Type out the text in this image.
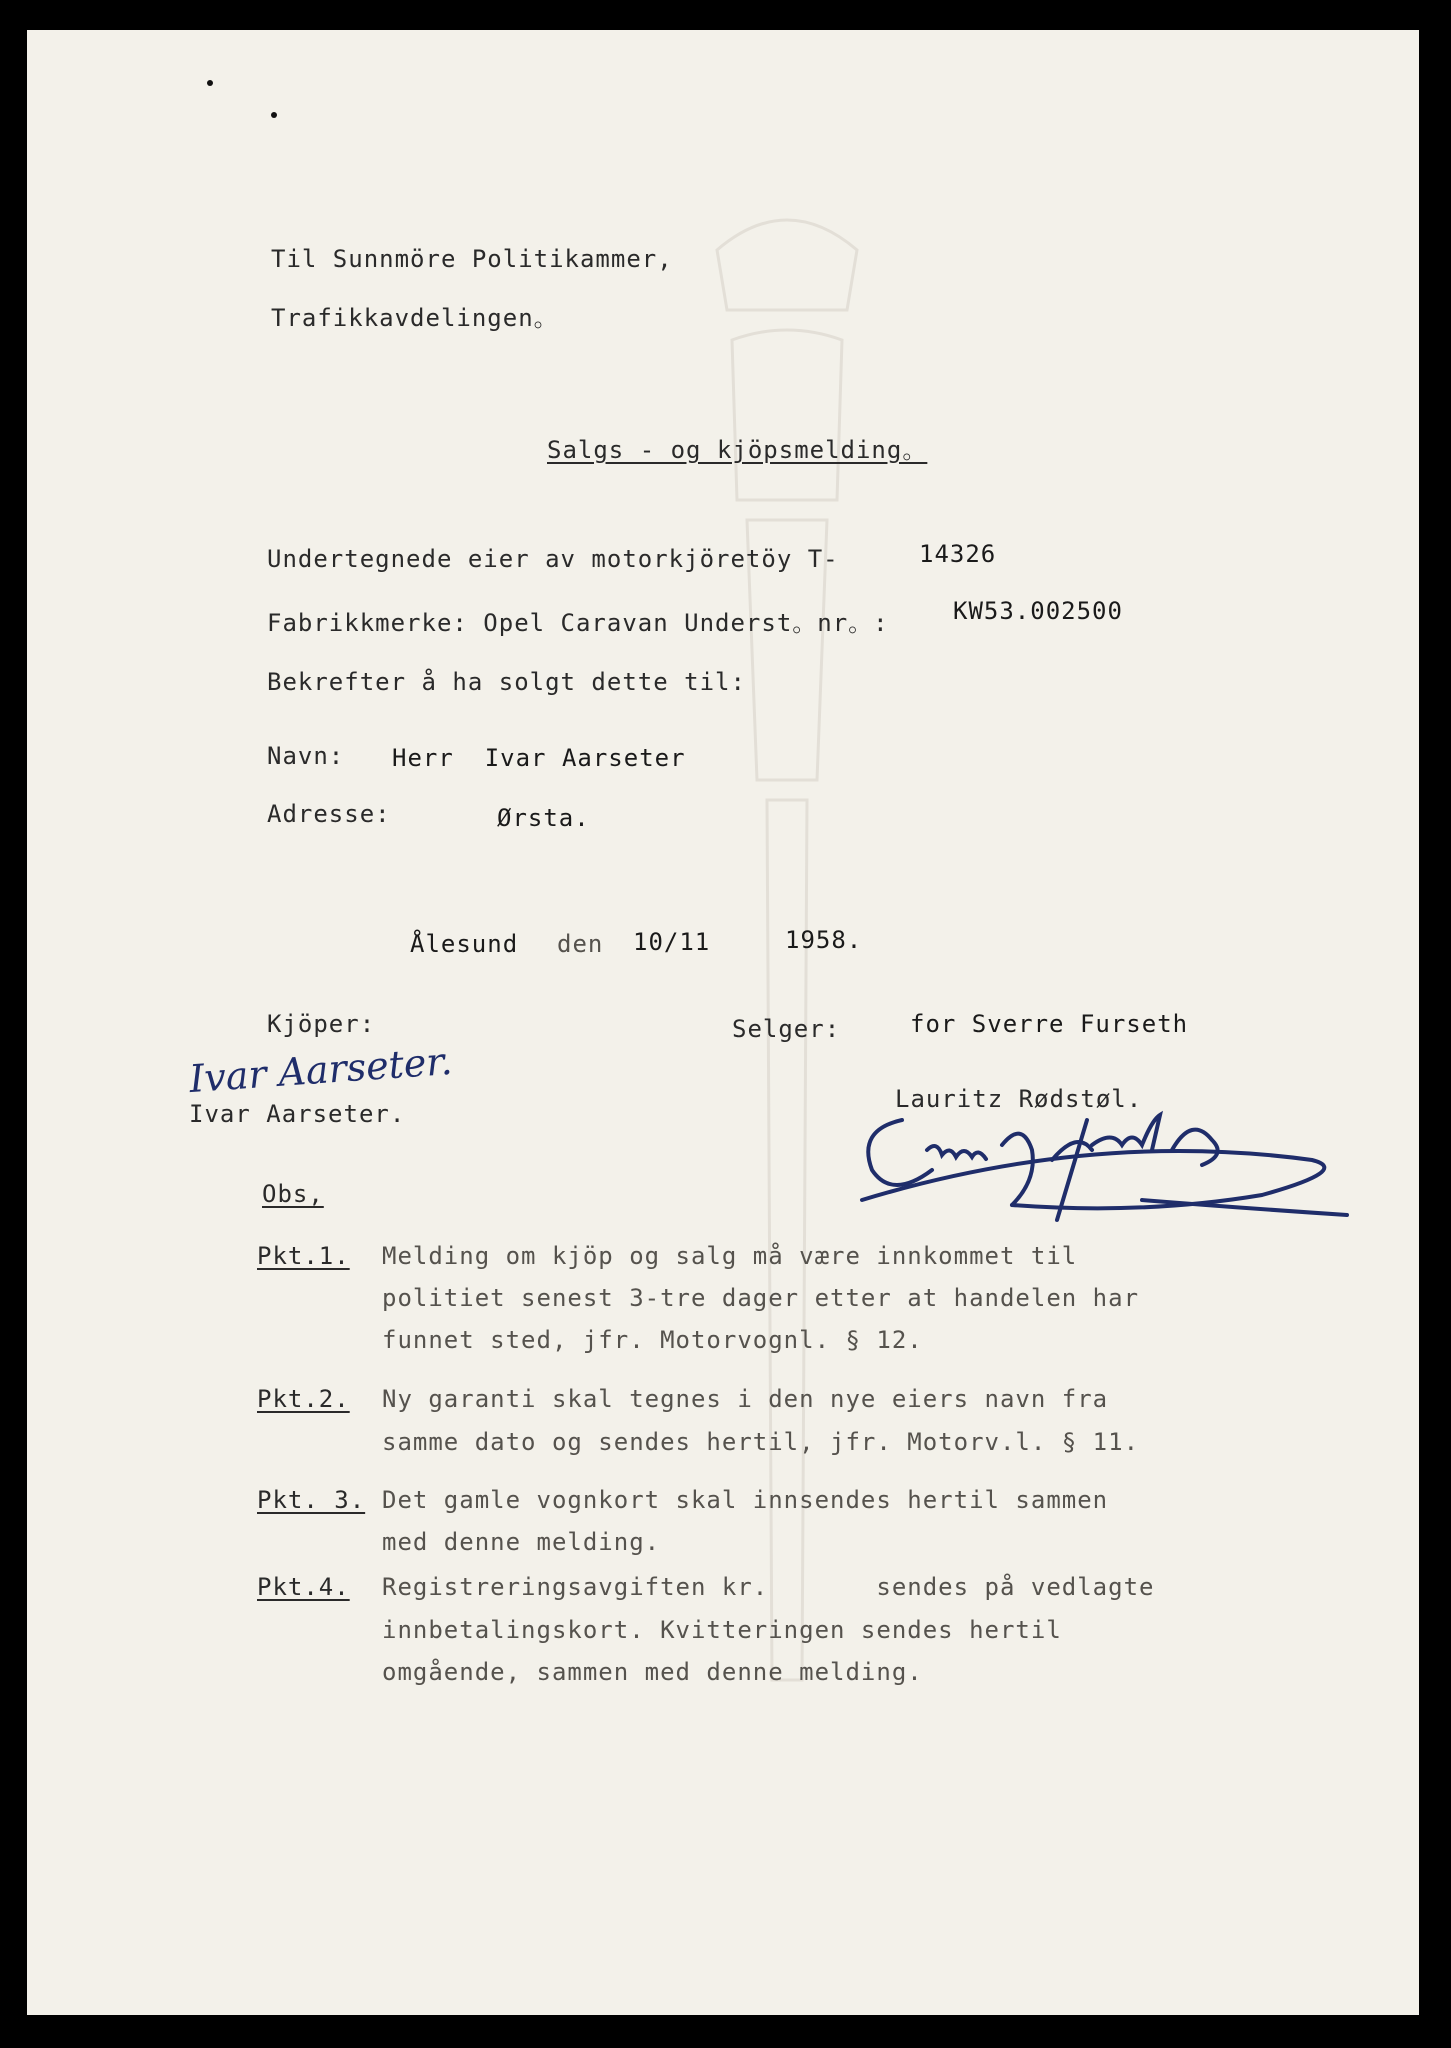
Til Sunnmöre Politikammer,
Trafikkavdelingen。
Salgs - og kjöpsmelding。
Undertegnede eier av motorkjöretöy T-	14326
Fabrikkmerke: Opel Caravan Underst。nr。:	KW53.002500
Bekrefter å ha solgt dette til:
Navn: Herr  Ivar Aarseter
Adresse:	Ørsta.
Ålesund den 10/11	1958.
Kjöper:
Ivar Aarseter.
Ivar Aarseter.
Selger:	for Sverre Furseth
Lauritz Rødstøl.
Obs,
Pkt.1. Melding om kjöp og salg må være innkommet til
politiet senest 3-tre dager etter at handelen har
funnet sted, jfr. Motorvognl. § 12.
Pkt.2. Ny garanti skal tegnes i den nye eiers navn fra
samme dato og sendes hertil, jfr. Motorv.l. § 11.
Pkt. 3. Det gamle vognkort skal innsendes hertil sammen
med denne melding.
Pkt.4. Registreringsavgiften kr.       sendes på vedlagte
innbetalingskort. Kvitteringen sendes hertil
omgående, sammen med denne melding.
